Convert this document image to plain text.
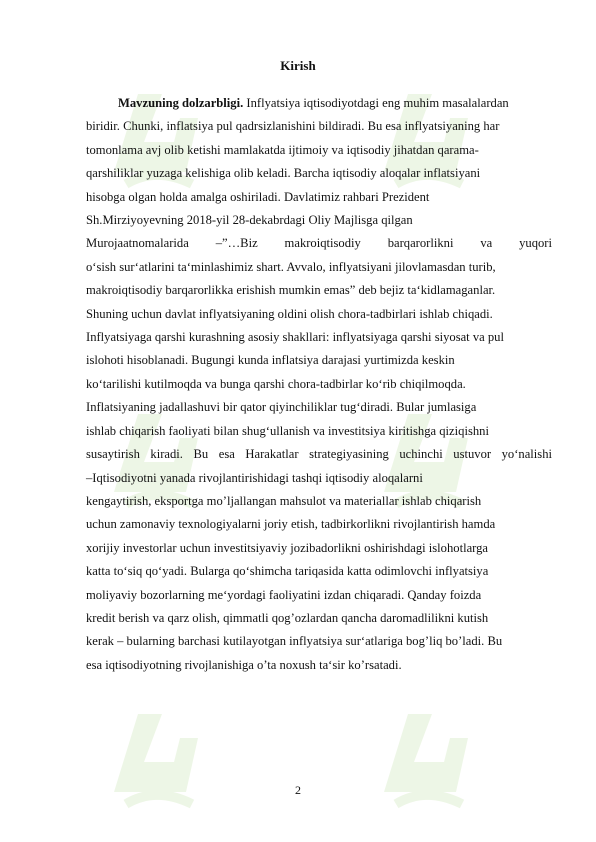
Kirish
Mavzuning dolzarbligi. Inflyatsiya iqtisodiyotdagi eng muhim masalalardan
biridir. Chunki, inflatsiya pul qadrsizlanishini bildiradi. Bu esa inflyatsiyaning har
tomonlama avj olib ketishi mamlakatda ijtimoiy va iqtisodiy jihatdan qarama-
qarshiliklar yuzaga kelishiga olib keladi. Barcha iqtisodiy aloqalar inflatsiyani
hisobga olgan holda amalga oshiriladi. Davlatimiz rahbari Prezident
Sh.Mirziyoyevning 2018-yil 28-dekabrdagi Oliy Majlisga qilgan
Murojaatnomalarida –”…Biz makroiqtisodiy barqarorlikni va yuqori
o‘sish sur‘atlarini ta‘minlashimiz shart. Avvalo, inflyatsiyani jilovlamasdan turib,
makroiqtisodiy barqarorlikka erishish mumkin emas” deb bejiz ta‘kidlamaganlar.
Shuning uchun davlat inflyatsiyaning oldini olish chora-tadbirlari ishlab chiqadi.
Inflyatsiyaga qarshi kurashning asosiy shakllari: inflyatsiyaga qarshi siyosat va pul
islohoti hisoblanadi. Bugungi kunda inflatsiya darajasi yurtimizda keskin
ko‘tarilishi kutilmoqda va bunga qarshi chora-tadbirlar ko‘rib chiqilmoqda.
Inflatsiyaning jadallashuvi bir qator qiyinchiliklar tug‘diradi. Bular jumlasiga
ishlab chiqarish faoliyati bilan shug‘ullanish va investitsiya kiritishga qiziqishni
susaytirish kiradi. Bu esa Harakatlar strategiyasining uchinchi ustuvor yo‘nalishi
–Iqtisodiyotni yanada rivojlantirishidagi tashqi iqtisodiy aloqalarni
kengaytirish, eksportga mo’ljallangan mahsulot va materiallar ishlab chiqarish
uchun zamonaviy texnologiyalarni joriy etish, tadbirkorlikni rivojlantirish hamda
xorijiy investorlar uchun investitsiyaviy jozibadorlikni oshirishdagi islohotlarga
katta to‘siq qo‘yadi. Bularga qo‘shimcha tariqasida katta odimlovchi inflyatsiya
moliyaviy bozorlarning me‘yordagi faoliyatini izdan chiqaradi. Qanday foizda
kredit berish va qarz olish, qimmatli qog’ozlardan qancha daromadlilikni kutish
kerak – bularning barchasi kutilayotgan inflyatsiya sur‘atlariga bog’liq bo’ladi. Bu
esa iqtisodiyotning rivojlanishiga o’ta noxush ta‘sir ko’rsatadi.
2
